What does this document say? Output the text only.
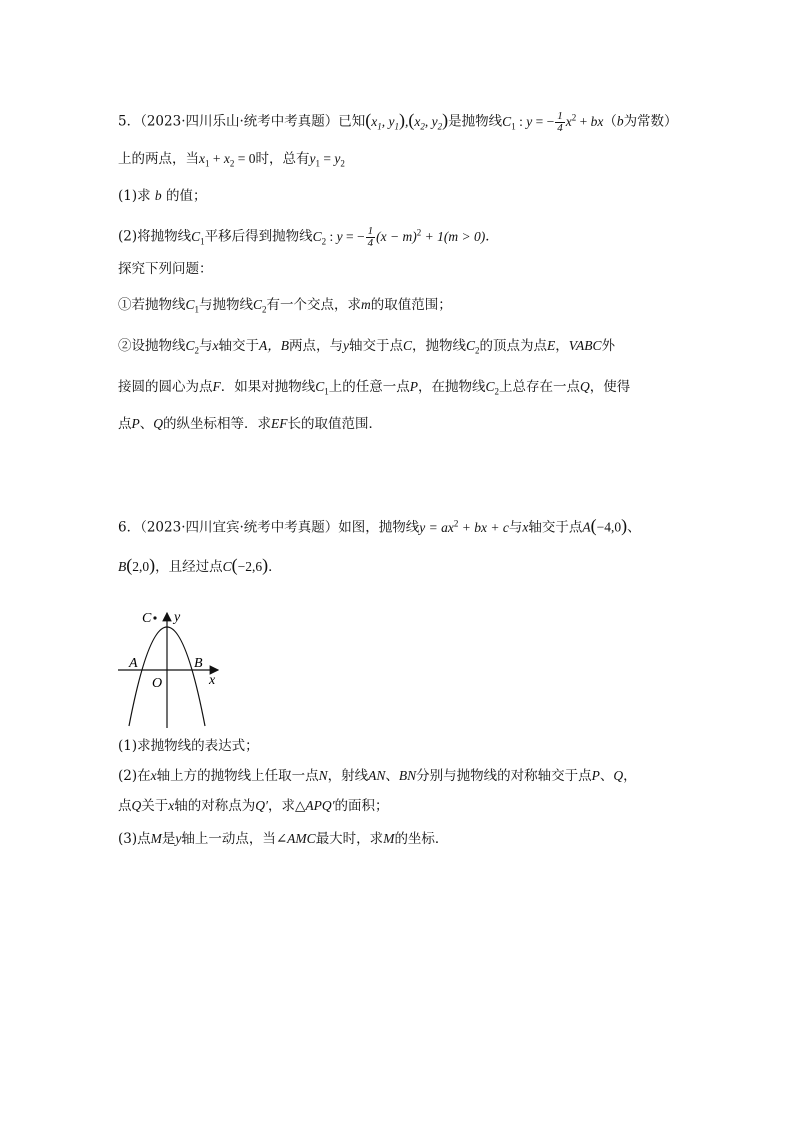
5．（2023·四川乐山·统考中考真题）已知($x_1$, $y_1),(x_2$, $y_2$)是抛物线$C_1$ : y = − $\frac{1}{4} x^2 + bx(b$为常数）
上的两点，当$x_1 + x_2 = 0$时，总有$y_1 = y_2$
(1)求 b 的值；
(2)将抛物线$C_1$平移后得到抛物线$C_2$ : y = − $\frac{1}{4} (x - m)^2 + 1(m > 0)$．
探究下列问题：
①若抛物线$C_1$与抛物线$C_2$有一个交点，求m的取值范围；
②设抛物线$C_2$与x轴交于A，B两点，与y轴交于点C，抛物线$C_2$的顶点为点E，VABC外
接圆的圆心为点F．如果对抛物线$C_1$上的任意一点P，在抛物线$C_2$上总存在一点Q，使得
点P、Q的纵坐标相等．求EF长的取值范围．
6．（2023·四川宜宾·统考中考真题）如图，抛物线$y = ax^2$ + bx + c与x轴交于点A(−4,0)、
B(2,0)，且经过点C(−2,6)．
y
C
A	B
O	x
(1)求抛物线的表达式；
(2)在x轴上方的抛物线上任取一点N，射线AN、BN分别与抛物线的对称轴交于点P、Q，
点Q关于x轴的对称点为Q′，求△APQ′的面积；
(3)点M是y轴上一动点，当∠AMC最大时，求M的坐标．
